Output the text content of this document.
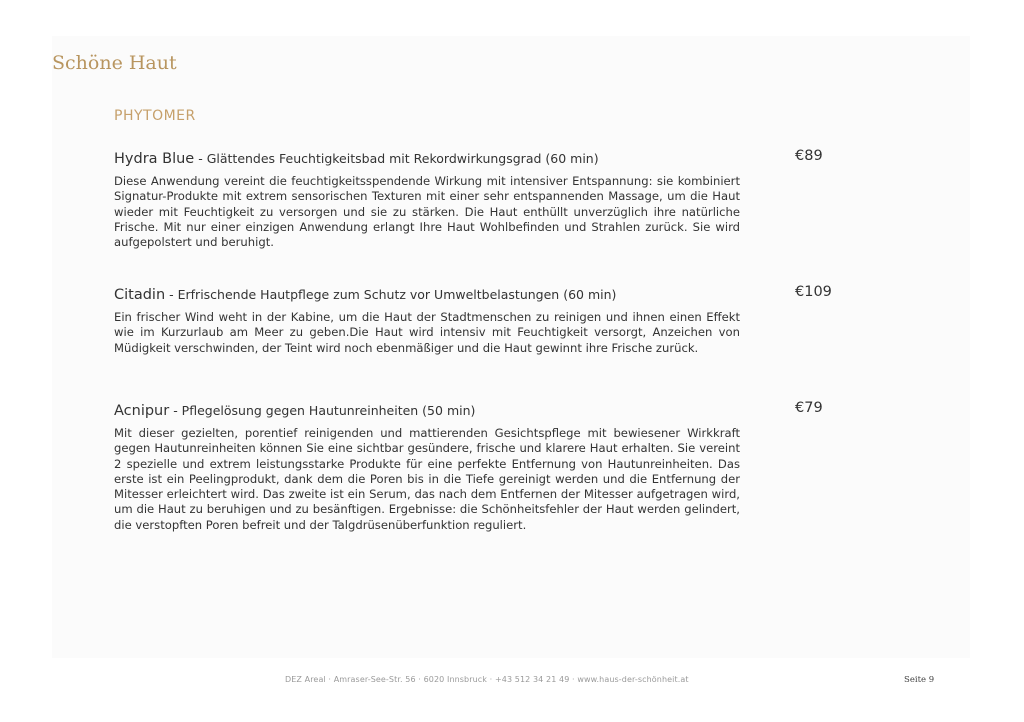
Schöne Haut
PHYTOMER
Hydra Blue - Glättendes Feuchtigkeitsbad mit Rekordwirkungsgrad (60 min)	€89

Diese Anwendung vereint die feuchtigkeitsspendende Wirkung mit intensiver Entspannung: sie kombiniert Signatur-Produkte mit extrem sensorischen Texturen mit einer sehr entspannenden Massage, um die Haut wieder mit Feuchtigkeit zu versorgen und sie zu stärken. Die Haut enthüllt unverzüglich ihre natürliche Frische. Mit nur einer einzigen Anwendung erlangt Ihre Haut Wohlbefinden und Strahlen zurück. Sie wird aufgepolstert und beruhigt.

Citadin - Erfrischende Hautpflege zum Schutz vor Umweltbelastungen (60 min)	€109

Ein frischer Wind weht in der Kabine, um die Haut der Stadtmenschen zu reinigen und ihnen einen Effekt wie im Kurzurlaub am Meer zu geben.Die Haut wird intensiv mit Feuchtigkeit versorgt, Anzeichen von Müdigkeit verschwinden, der Teint wird noch ebenmäßiger und die Haut gewinnt ihre Frische zurück.

Acnipur - Pflegelösung gegen Hautunreinheiten (50 min)	€79

Mit dieser gezielten, porentief reinigenden und mattierenden Gesichtspflege mit bewiesener Wirkkraft gegen Hautunreinheiten können Sie eine sichtbar gesündere, frische und klarere Haut erhalten. Sie vereint 2 spezielle und extrem leistungsstarke Produkte für eine perfekte Entfernung von Hautunreinheiten. Das erste ist ein Peelingprodukt, dank dem die Poren bis in die Tiefe gereinigt werden und die Entfernung der Mitesser erleichtert wird. Das zweite ist ein Serum, das nach dem Entfernen der Mitesser aufgetragen wird, um die Haut zu beruhigen und zu besänftigen. Ergebnisse: die Schönheitsfehler der Haut werden gelindert, die verstopften Poren befreit und der Talgdrüsenüberfunktion reguliert.

DEZ Areal · Amraser-See-Str. 56 · 6020 Innsbruck · +43 512 34 21 49 · www.haus-der-schönheit.at	Seite 9
